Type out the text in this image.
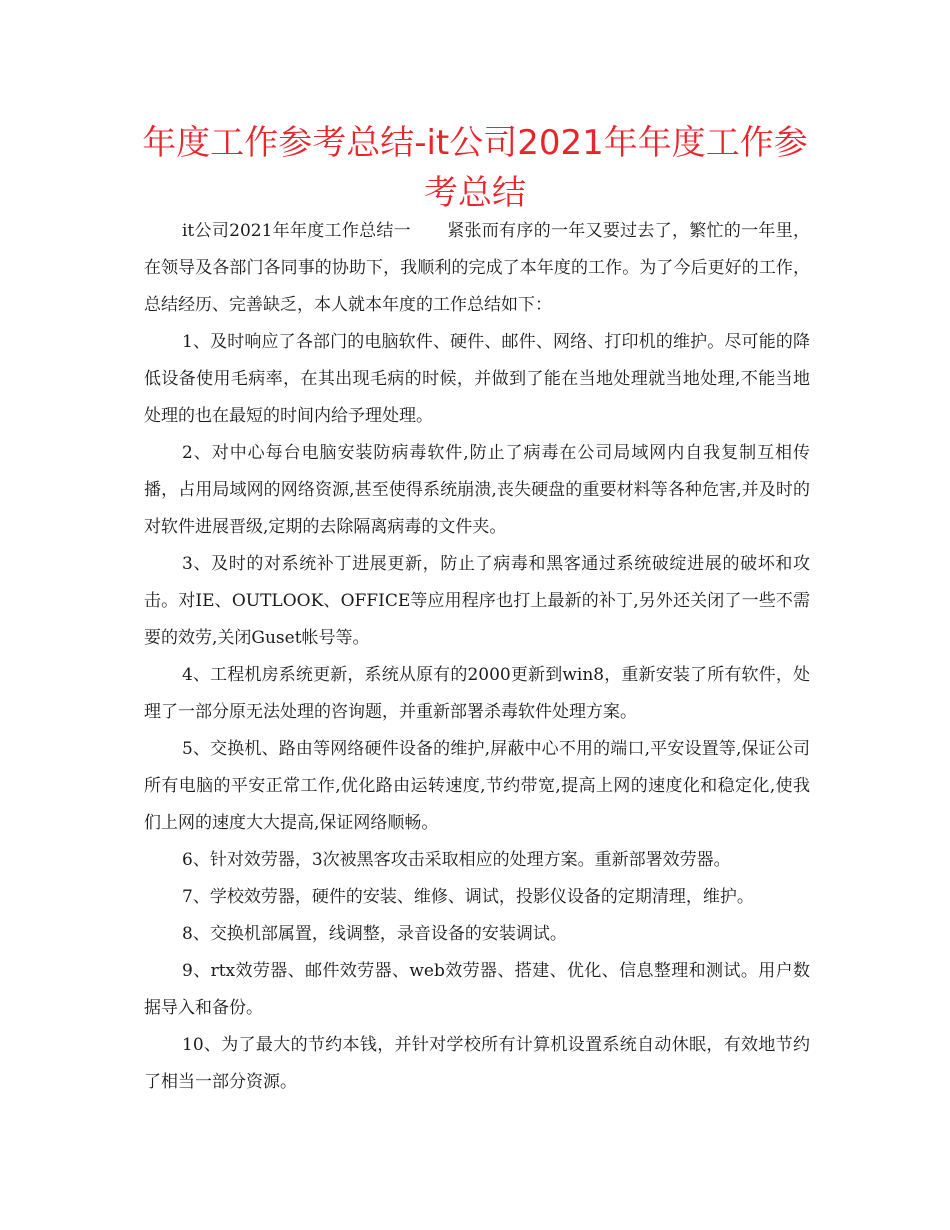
年度工作参考总结-it公司2021年年度工作参考总结

it公司2021年年度工作总结一 紧张而有序的一年又要过去了，繁忙的一年里，在领导及各部门各同事的协助下，我顺利的完成了本年度的工作。为了今后更好的工作，总结经历、完善缺乏，本人就本年度的工作总结如下：

1、及时响应了各部门的电脑软件、硬件、邮件、网络、打印机的维护。尽可能的降低设备使用毛病率，在其出现毛病的时候，并做到了能在当地处理就当地处理,不能当地处理的也在最短的时间内给予理处理。

2、对中心每台电脑安装防病毒软件,防止了病毒在公司局域网内自我复制互相传播，占用局域网的网络资源,甚至使得系统崩溃,丧失硬盘的重要材料等各种危害,并及时的对软件进展晋级,定期的去除隔离病毒的文件夹。

3、及时的对系统补丁进展更新，防止了病毒和黑客通过系统破绽进展的破坏和攻击。对IE、OUTLOOK、OFFICE等应用程序也打上最新的补丁,另外还关闭了一些不需要的效劳,关闭Guset帐号等。

4、工程机房系统更新，系统从原有的2000更新到win8，重新安装了所有软件，处理了一部分原无法处理的咨询题，并重新部署杀毒软件处理方案。

5、交换机、路由等网络硬件设备的维护,屏蔽中心不用的端口,平安设置等,保证公司所有电脑的平安正常工作,优化路由运转速度,节约带宽,提高上网的速度化和稳定化,使我们上网的速度大大提高,保证网络顺畅。

6、针对效劳器，3次被黑客攻击采取相应的处理方案。重新部署效劳器。

7、学校效劳器，硬件的安装、维修、调试，投影仪设备的定期清理，维护。

8、交换机部属置，线调整，录音设备的安装调试。

9、rtx效劳器、邮件效劳器、web效劳器、搭建、优化、信息整理和测试。用户数据导入和备份。

10、为了最大的节约本钱，并针对学校所有计算机设置系统自动休眠，有效地节约了相当一部分资源。
